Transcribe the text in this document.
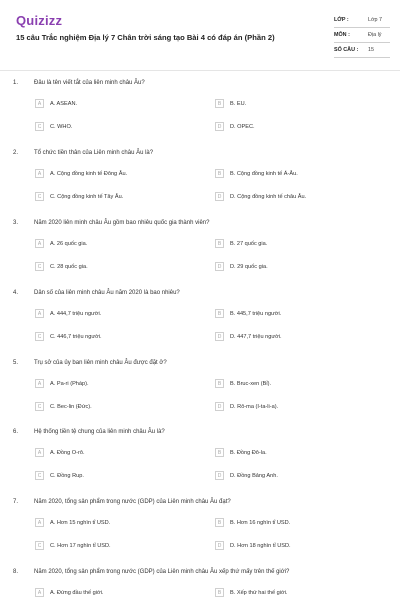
Quizizz
15 câu Trắc nghiệm Địa lý 7 Chân trời sáng tạo Bài 4 có đáp án (Phần 2)
LỚP :	Lớp 7
MÔN :	Địa lý
SỐ CÂU : 15
1.	Đâu là tên viết tắt của liên minh châu Âu?
A	A. ASEAN.	B	B. EU.
C	C. WHO.	D	D. OPEC.
2.	Tổ chức tiền thân của Liên minh châu Âu là?
A	A. Cộng đồng kinh tế Đông Âu.	B	B. Cộng đồng kinh tế Á-Âu.
C	C. Cộng đồng kinh tế Tây Âu.	D	D. Cộng đồng kinh tế châu Âu.
3.	Năm 2020 liên minh châu Âu gồm bao nhiêu quốc gia thành viên?
A	A. 26 quốc gia.	B	B. 27 quốc gia.
C	C. 28 quốc gia.	D	D. 29 quốc gia.
4.	Dân số của liên minh châu Âu năm 2020 là bao nhiêu?
A	A. 444,7 triệu người.	B	B. 445,7 triệu người.
C	C. 446,7 triệu người.	D	D. 447,7 triệu người.
5.	Trụ sở của ủy ban liên minh châu Âu được đặt ở?
A	A. Pa-ri (Pháp).	B	B. Bruc-xen (Bỉ).
C	C. Bec-lin (Đức).	D	D. Rô-ma (I-ta-li-a).
6.	Hệ thống tiền tệ chung của liên minh châu Âu là?
A	A. Đồng O-rô.	B	B. Đồng Đô-la.
C	C. Đồng Rup.	D	D. Đồng Bảng Anh.
7.	Năm 2020, tổng sản phẩm trong nước (GDP) của Liên minh châu Âu đạt?
A	A. Hơn 15 nghìn tỉ USD.	B	B. Hơn 16 nghìn tỉ USD.
C	C. Hơn 17 nghìn tỉ USD.	D	D. Hơn 18 nghìn tỉ USD.
8.	Năm 2020, tổng sản phẩm trong nước (GDP) của Liên minh châu Âu xếp thứ mấy trên thế giới?
A	A. Đứng đầu thế giới.	B	B. Xếp thứ hai thế giới.
